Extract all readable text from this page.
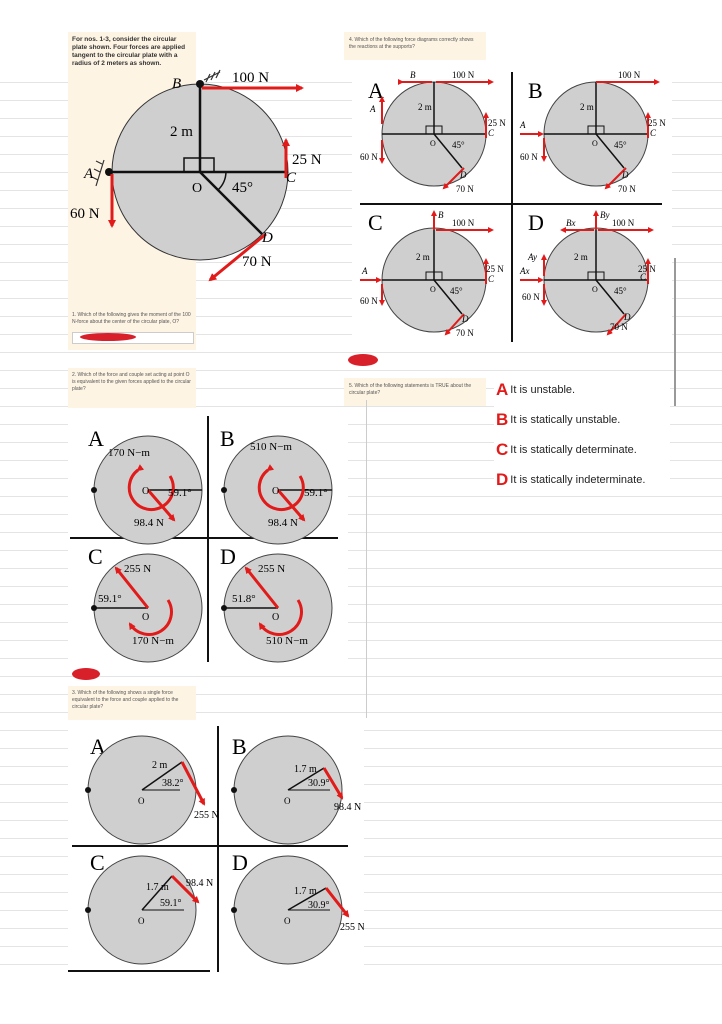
For nos. 1-3, consider the circular plate shown. Four forces are applied tangent to the circular plate with a radius of 2 meters as shown.
B
A	C
D
O
100 N
25 N
60 N
70 N
2 m
45°
1. Which of the following gives the moment of the 100 N-force about the center of the circular plate, O?
2. Which of the force and couple set acting at point O is equivalent to the given forces applied to the circular plate?
A
170 N−m
59.1°
98.4 N
O
B 510 N−m
59.1°
98.4 N
O
C 255 N
59.1°
170 N−m
O
D 255 N
51.8°
510 N−m
O
3. Which of the following shows a single force equivalent to the force and couple applied to the circular plate?
A
2 m
38.2°
255 N
O
B
1.7 m
30.9°
98.4 N
O
C
1.7 m
59.1°
98.4 N
O
D
1.7 m
30.9°
255 N
O
4. Which of the following force diagrams correctly shows the reactions at the supports?
A
B	100 N
A
60 N
25 N
C
D
70 N
2 m
45°
O
B
100 N
A
60 N
25 N
C
D
70 N
2 m
45°
O
C	B
100 N
A
60 N
25 N
C
D
70 N
2 m
45°
O
D	By
Bx	100 N
Ay
Ax
60 N
25 N
C
D
70 N
2 m
45°
O
5. Which of the following statements is TRUE about the circular plate?	A It is unstable.
B It is statically unstable.
C It is statically determinate.
D It is statically indeterminate.
